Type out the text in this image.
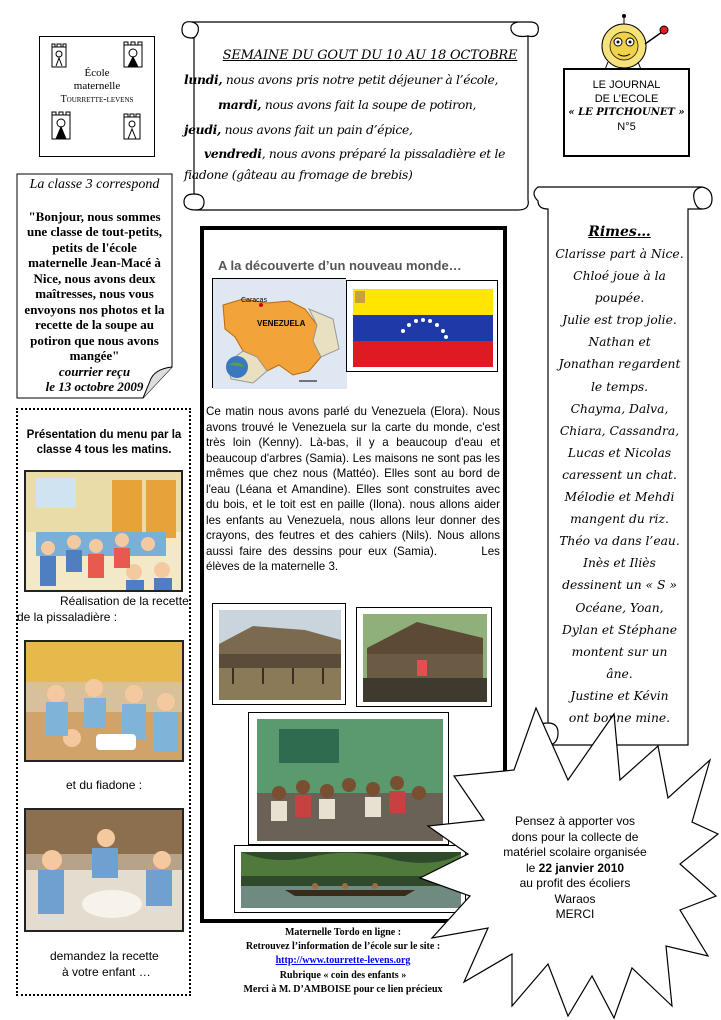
École
maternelle
Tourrette-levens
SEMAINE DU GOUT DU 10 AU 18 OCTOBRE
lundi, nous avons pris notre petit déjeuner à l’école,
mardi, nous avons fait la soupe de potiron,
jeudi, nous avons fait un pain d’épice,
vendredi, nous avons préparé la pissaladière et le
fiadone (gâteau au fromage de brebis)
LE JOURNAL
DE L’ECOLE
« LE PITCHOUNET »
N°5
La classe 3 correspond
"Bonjour, nous sommes une classe de tout-petits, petits de l'école maternelle Jean-Macé à Nice, nous avons deux maîtresses, nous vous envoyons nos photos et la recette de la soupe au potiron que nous avons mangée"
courrier reçu
le 13 octobre 2009
Présentation du menu par la classe 4 tous les matins.
Réalisation de la recette
de la pissaladière :
et du fiadone :
demandez la recette
à votre enfant …
A la découverte d’un nouveau monde…
VENEZUELA
Caracas
Ce matin nous avons parlé du Venezuela (Elora). Nous avons trouvé le Venezuela sur la carte du monde, c'est très loin (Kenny). Là-bas, il y a beaucoup d'eau et beaucoup d'arbres (Samia). Les maisons ne sont pas les mêmes que chez nous (Mattéo). Elles sont au bord de l'eau (Léana et Amandine). Elles sont construites avec du bois, et le toit est en paille (Ilona). nous allons aider les enfants au Venezuela, nous allons leur donner des crayons, des feutres et des cahiers (Nils). Nous allons aussi faire des dessins pour eux (Samia).	Les élèves de la maternelle 3.
Rimes…
Clarisse part à Nice.
Chloé joue à la
poupée.
Julie est trop jolie.
Nathan et
Jonathan regardent
le temps.
Chayma, Dalva,
Chiara, Cassandra,
Lucas et Nicolas
caressent un chat.
Mélodie et Mehdi
mangent du riz.
Théo va dans l’eau.
Inès et Iliès
dessinent un « S »
Océane, Yoan,
Dylan et Stéphane
montent sur un
âne.
Justine et Kévin
ont bonne mine.
Pensez à apporter vos
dons pour la collecte de
matériel scolaire organisée
le 22 janvier 2010
au profit des écoliers
Waraos
MERCI
Maternelle Tordo en ligne :
Retrouvez l’information de l’école sur le site :
http://www.tourrette-levens.org
Rubrique « coin des enfants »
Merci à M. D’AMBOISE pour ce lien précieux
